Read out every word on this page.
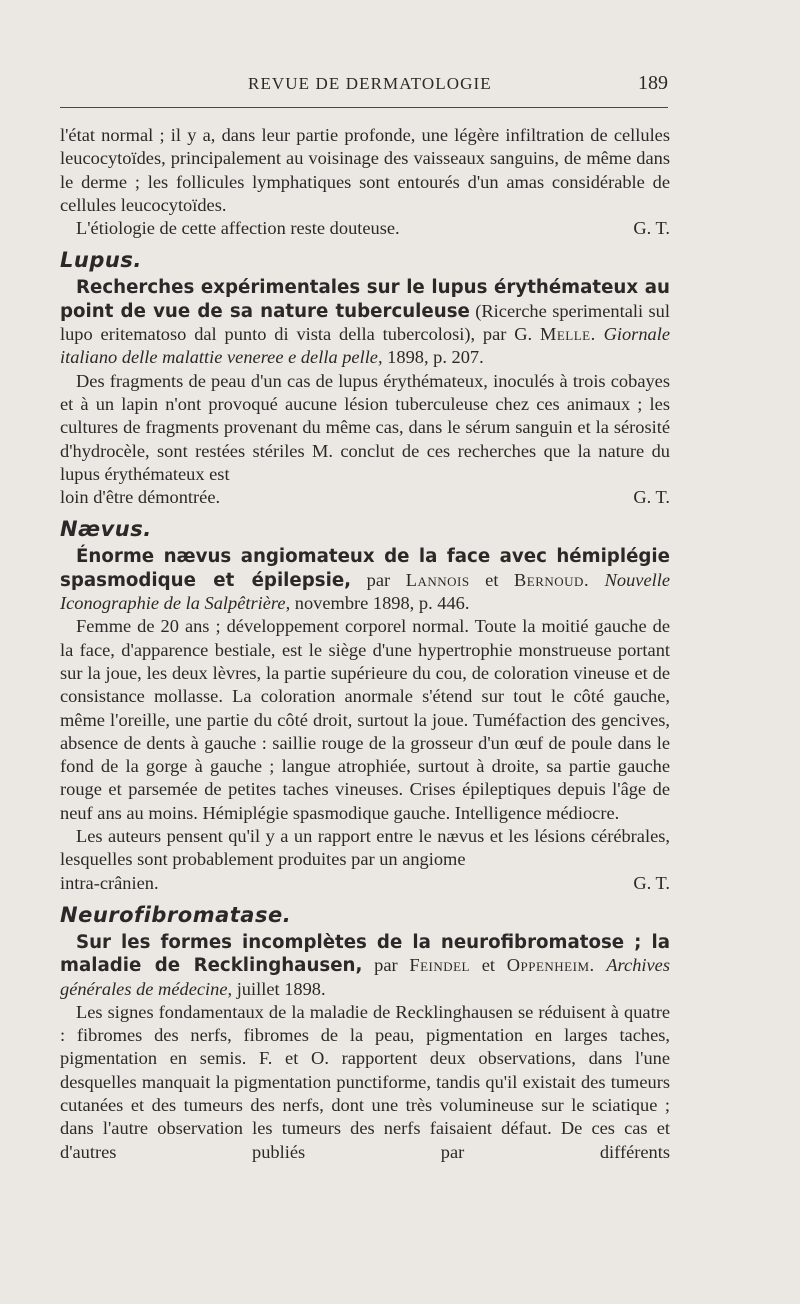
REVUE DE DERMATOLOGIE	189

l'état normal ; il y a, dans leur partie profonde, une légère infiltration de cellules leucocytoïdes, principalement au voisinage des vaisseaux sanguins, de même dans le derme ; les follicules lymphatiques sont entourés d'un amas considérable de cellules leucocytoïdes.

L'étiologie de cette affection reste douteuse.	G. T.

Lupus.

Recherches expérimentales sur le lupus érythémateux au point de vue de sa nature tuberculeuse (Ricerche sperimentali sul lupo eritematoso dal punto di vista della tubercolosi), par G. Melle. Giornale italiano delle malattie veneree e della pelle, 1898, p. 207.

Des fragments de peau d'un cas de lupus érythémateux, inoculés à trois cobayes et à un lapin n'ont provoqué aucune lésion tuberculeuse chez ces animaux ; les cultures de fragments provenant du même cas, dans le sérum sanguin et la sérosité d'hydrocèle, sont restées stériles M. conclut de ces recherches que la nature du lupus érythémateux est

loin d'être démontrée.	G. T.

Nævus.

Énorme nævus angiomateux de la face avec hémiplégie spasmodique et épilepsie, par Lannois et Bernoud. Nouvelle Iconographie de la Salpêtrière, novembre 1898, p. 446.

Femme de 20 ans ; développement corporel normal. Toute la moitié gauche de la face, d'apparence bestiale, est le siège d'une hypertrophie monstrueuse portant sur la joue, les deux lèvres, la partie supérieure du cou, de coloration vineuse et de consistance mollasse. La coloration anormale s'étend sur tout le côté gauche, même l'oreille, une partie du côté droit, surtout la joue. Tuméfaction des gencives, absence de dents à gauche : saillie rouge de la grosseur d'un œuf de poule dans le fond de la gorge à gauche ; langue atrophiée, surtout à droite, sa partie gauche rouge et parsemée de petites taches vineuses. Crises épileptiques depuis l'âge de neuf ans au moins. Hémiplégie spasmodique gauche. Intelligence médiocre.

Les auteurs pensent qu'il y a un rapport entre le nævus et les lésions cérébrales, lesquelles sont probablement produites par un angiome

intra-crânien.	G. T.

Neurofibromatase.

Sur les formes incomplètes de la neurofibromatose ; la maladie de Recklinghausen, par Feindel et Oppenheim. Archives générales de médecine, juillet 1898.

Les signes fondamentaux de la maladie de Recklinghausen se réduisent à quatre : fibromes des nerfs, fibromes de la peau, pigmentation en larges taches, pigmentation en semis. F. et O. rapportent deux observations, dans l'une desquelles manquait la pigmentation punctiforme, tandis qu'il existait des tumeurs cutanées et des tumeurs des nerfs, dont une très volumineuse sur le sciatique ; dans l'autre observation les tumeurs des nerfs faisaient défaut. De ces cas et d'autres publiés par différents
